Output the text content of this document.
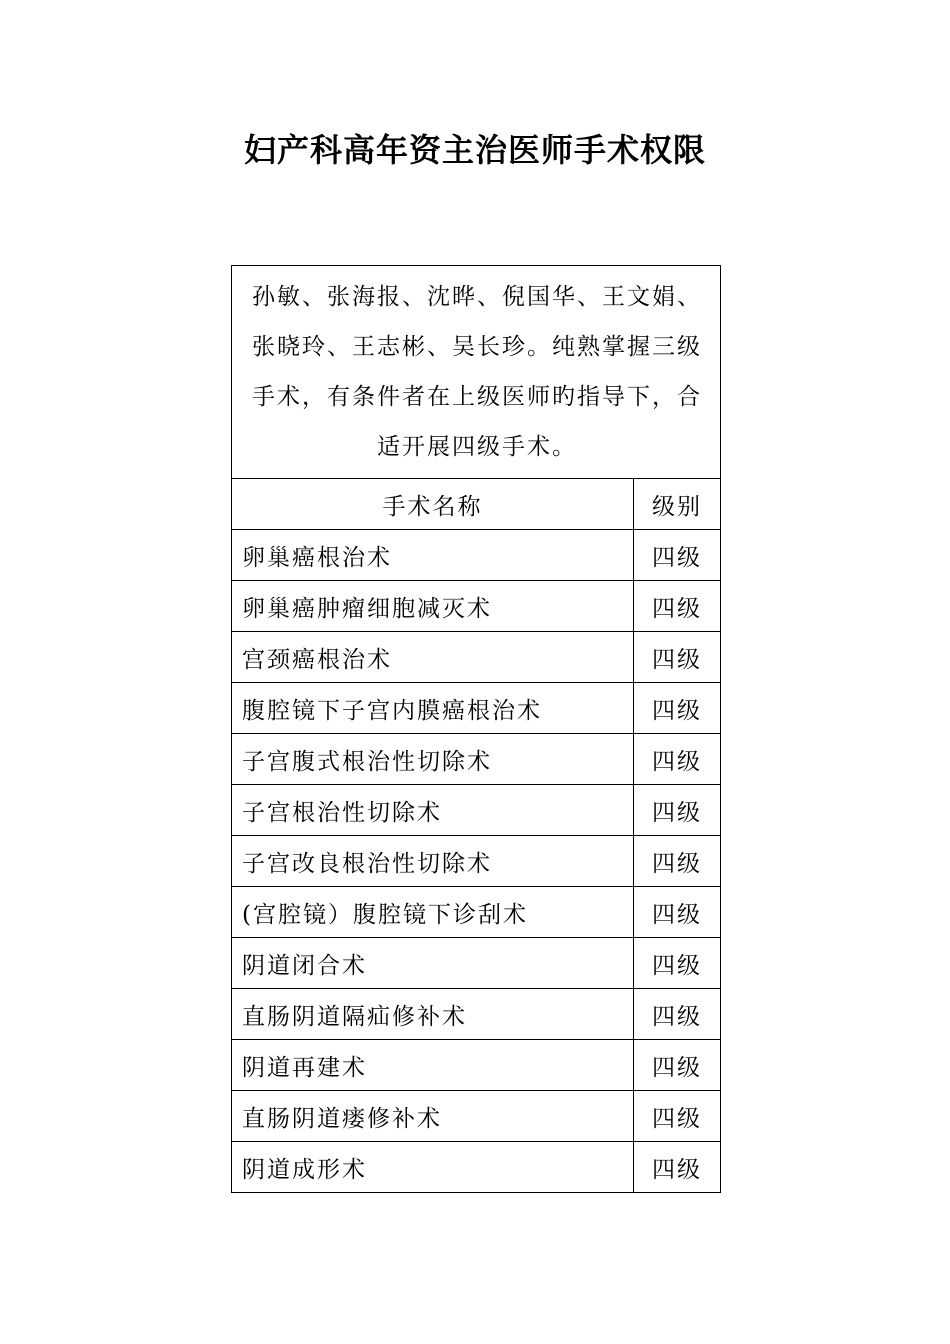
妇产科高年资主治医师手术权限
孙敏、张海报、沈晔、倪国华、王文娟、张晓玲、王志彬、吴长珍。纯熟掌握三级手术，有条件者在上级医师旳指导下，合适开展四级手术。	
手术名称	级别
卵巢癌根治术	四级
卵巢癌肿瘤细胞减灭术	四级
宫颈癌根治术	四级
腹腔镜下子宫内膜癌根治术	四级
子宫腹式根治性切除术	四级
子宫根治性切除术	四级
子宫改良根治性切除术	四级
(宫腔镜）腹腔镜下诊刮术	四级
阴道闭合术	四级
直肠阴道隔疝修补术	四级
阴道再建术	四级
直肠阴道瘘修补术	四级
阴道成形术	四级
